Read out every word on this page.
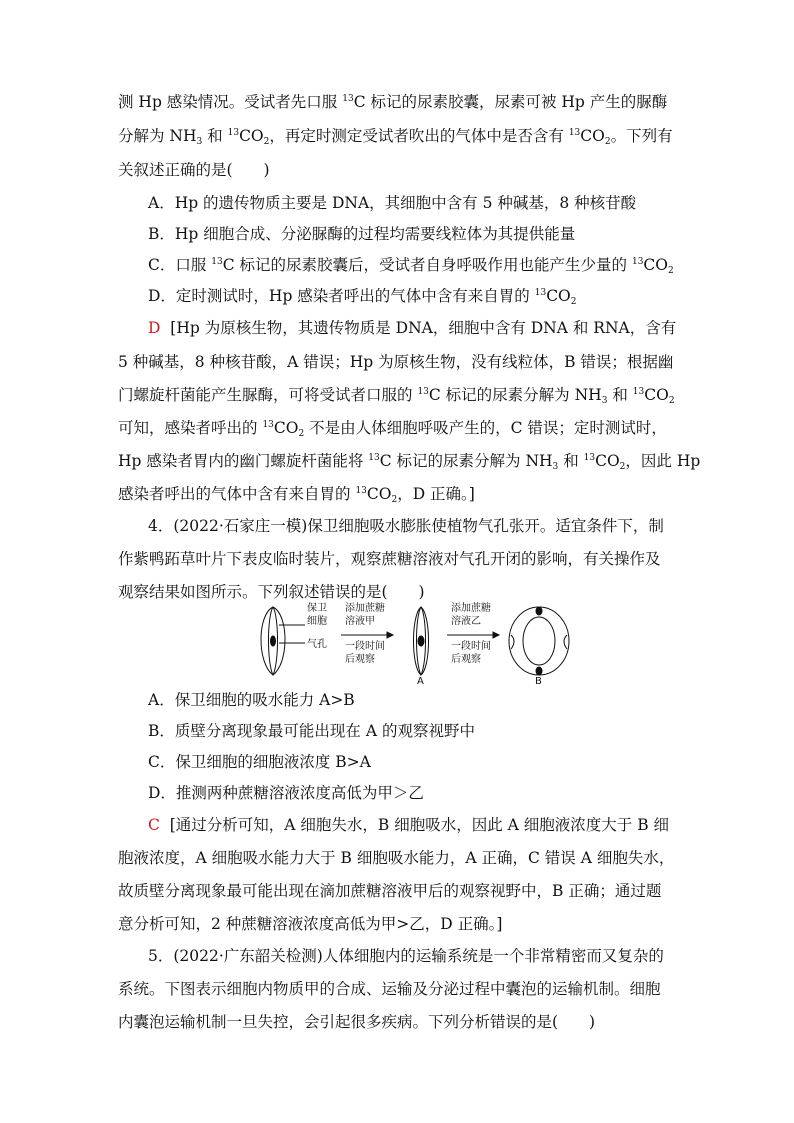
测 Hp 感染情况。受试者先口服 $^{13}$C 标记的尿素胶囊，尿素可被 Hp 产生的脲酶
分解为 $NH_3$ 和 $^{13}CO_2$，再定时测定受试者吹出的气体中是否含有 $^{13}CO_2$。下列有
关叙述正确的是(　　)
A．Hp 的遗传物质主要是 DNA，其细胞中含有 5 种碱基，8 种核苷酸
B．Hp 细胞合成、分泌脲酶的过程均需要线粒体为其提供能量
C．口服 $^{13}$C 标记的尿素胶囊后，受试者自身呼吸作用也能产生少量的 $^{13}CO_2$
D．定时测试时，Hp 感染者呼出的气体中含有来自胃的 $^{13}CO_2$
D [Hp 为原核生物，其遗传物质是 DNA，细胞中含有 DNA 和 RNA，含有
5 种碱基，8 种核苷酸，A 错误；Hp 为原核生物，没有线粒体，B 错误；根据幽
门螺旋杆菌能产生脲酶，可将受试者口服的 $^{13}$C 标记的尿素分解为 $NH_3$ 和 $^{13}CO_2$
可知，感染者呼出的 $^{13}CO_2$ 不是由人体细胞呼吸产生的，C 错误；定时测试时，
Hp 感染者胃内的幽门螺旋杆菌能将 $^{13}$C 标记的尿素分解为 $NH_3$ 和 $^{13}CO_2$，因此 Hp
感染者呼出的气体中含有来自胃的 $^{13}CO_2$，D 正确。]
4．(2022·石家庄一模)保卫细胞吸水膨胀使植物气孔张开。适宜条件下，制
作紫鸭跖草叶片下表皮临时装片，观察蔗糖溶液对气孔开闭的影响，有关操作及
观察结果如图所示。下列叙述错误的是(　　)
保卫
细胞
气孔
添加蔗糖
溶液甲
一段时间
后观察
添加蔗糖
溶液乙
一段时间
后观察
A	B
A．保卫细胞的吸水能力 A>B
B．质壁分离现象最可能出现在 A 的观察视野中
C．保卫细胞的细胞液浓度 B>A
D．推测两种蔗糖溶液浓度高低为甲＞乙
C [通过分析可知，A 细胞失水，B 细胞吸水，因此 A 细胞液浓度大于 B 细
胞液浓度，A 细胞吸水能力大于 B 细胞吸水能力，A 正确，C 错误 A 细胞失水，
故质壁分离现象最可能出现在滴加蔗糖溶液甲后的观察视野中，B 正确；通过题
意分析可知，2 种蔗糖溶液浓度高低为甲>乙，D 正确。]
5．(2022·广东韶关检测)人体细胞内的运输系统是一个非常精密而又复杂的
系统。下图表示细胞内物质甲的合成、运输及分泌过程中囊泡的运输机制。细胞
内囊泡运输机制一旦失控，会引起很多疾病。下列分析错误的是(　　)
